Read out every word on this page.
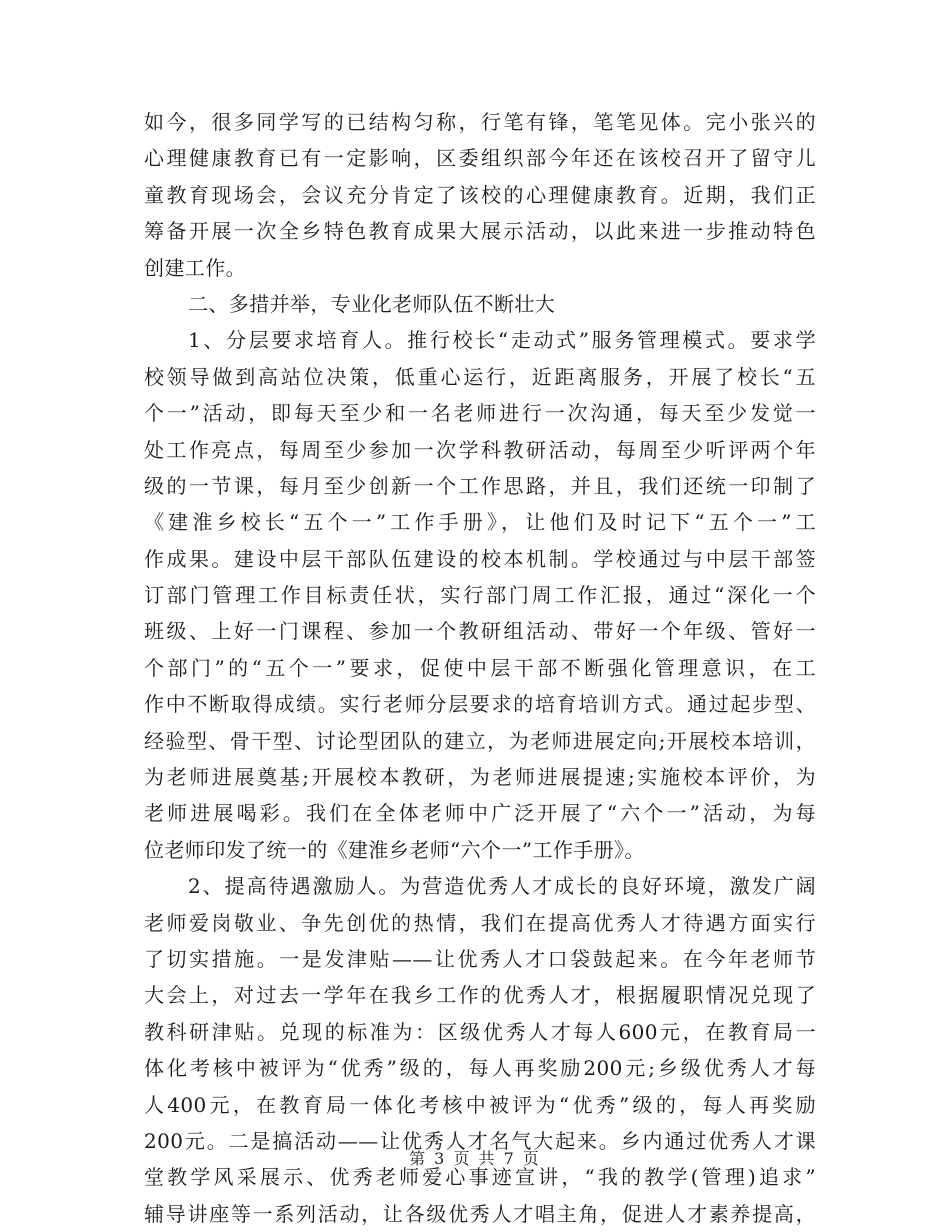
如今，很多同学写的已结构匀称，行笔有锋，笔笔见体。完小张兴的
心理健康教育已有一定影响，区委组织部今年还在该校召开了留守儿
童教育现场会，会议充分肯定了该校的心理健康教育。近期，我们正
筹备开展一次全乡特色教育成果大展示活动，以此来进一步推动特色
创建工作。
二、多措并举，专业化老师队伍不断壮大
1、分层要求培育人。推行校长“走动式”服务管理模式。要求学
校领导做到高站位决策，低重心运行，近距离服务，开展了校长“五
个一”活动，即每天至少和一名老师进行一次沟通，每天至少发觉一
处工作亮点，每周至少参加一次学科教研活动，每周至少听评两个年
级的一节课，每月至少创新一个工作思路，并且，我们还统一印制了
《建淮乡校长“五个一”工作手册》，让他们及时记下“五个一”工
作成果。建设中层干部队伍建设的校本机制。学校通过与中层干部签
订部门管理工作目标责任状，实行部门周工作汇报，通过“深化一个
班级、上好一门课程、参加一个教研组活动、带好一个年级、管好一
个部门”的“五个一”要求，促使中层干部不断强化管理意识，在工
作中不断取得成绩。实行老师分层要求的培育培训方式。通过起步型、
经验型、骨干型、讨论型团队的建立，为老师进展定向;开展校本培训，
为老师进展奠基;开展校本教研，为老师进展提速;实施校本评价，为
老师进展喝彩。我们在全体老师中广泛开展了“六个一”活动，为每
位老师印发了统一的《建淮乡老师“六个一”工作手册》。
2、提高待遇激励人。为营造优秀人才成长的良好环境，激发广阔
老师爱岗敬业、争先创优的热情，我们在提高优秀人才待遇方面实行
了切实措施。一是发津贴——让优秀人才口袋鼓起来。在今年老师节
大会上，对过去一学年在我乡工作的优秀人才，根据履职情况兑现了
教科研津贴。兑现的标准为：区级优秀人才每人600元，在教育局一
体化考核中被评为“优秀”级的，每人再奖励200元;乡级优秀人才每
人400元，在教育局一体化考核中被评为“优秀”级的，每人再奖励
200元。二是搞活动——让优秀人才名气大起来。乡内通过优秀人才课
堂教学风采展示、优秀老师爱心事迹宣讲，“我的教学(管理)追求”
辅导讲座等一系列活动，让各级优秀人才唱主角，促进人才素养提高，
第 3 页 共 7 页
